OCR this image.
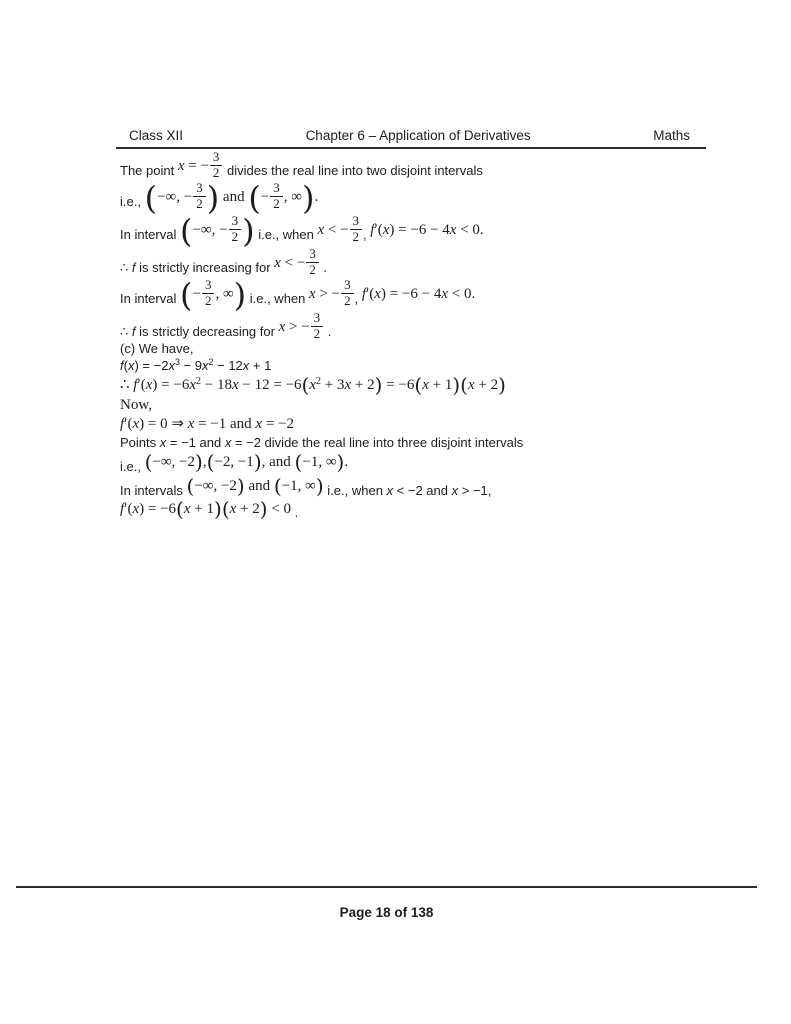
Class XII	Chapter 6 – Application of Derivatives	Maths

The point x = − $\frac{3}{2}$ divides the real line into two disjoint intervals

i.e., (−∞, − $\frac{3}{2}$ ) and (− $\frac{3}{2}$ , ∞).

In interval (−∞, − $\frac{3}{2}$ ) i.e., when x < − $\frac{3}{2}$ , f′(x) = −6 − 4x < 0.

∴ f is strictly increasing for x < − $\frac{3}{2}$ .

In interval (− $\frac{3}{2}$ , ∞) i.e., when x > − $\frac{3}{2}$ , f′(x) = −6 − 4x < 0.

∴ f is strictly decreasing for x > − $\frac{3}{2}$ .

(c) We have,

$f(x) = -2x^3 - 9x^2 - 12x + 1$

∴ $f'(x) = -6x^2 - 18x - 12 = -6(x^2 + 3x + 2) = -6(x + 1)(x + 2)$

Now,

f′(x) = 0 ⇒ x = −1 and x = −2

Points x = −1 and x = −2 divide the real line into three disjoint intervals

i.e., (−∞, −2),(−2, −1), and (−1, ∞).

In intervals (−∞, −2) and (−1, ∞) i.e., when x < −2 and x > −1,

f′(x) = −6(x + 1)(x + 2) < 0 .

Page 18 of 138
